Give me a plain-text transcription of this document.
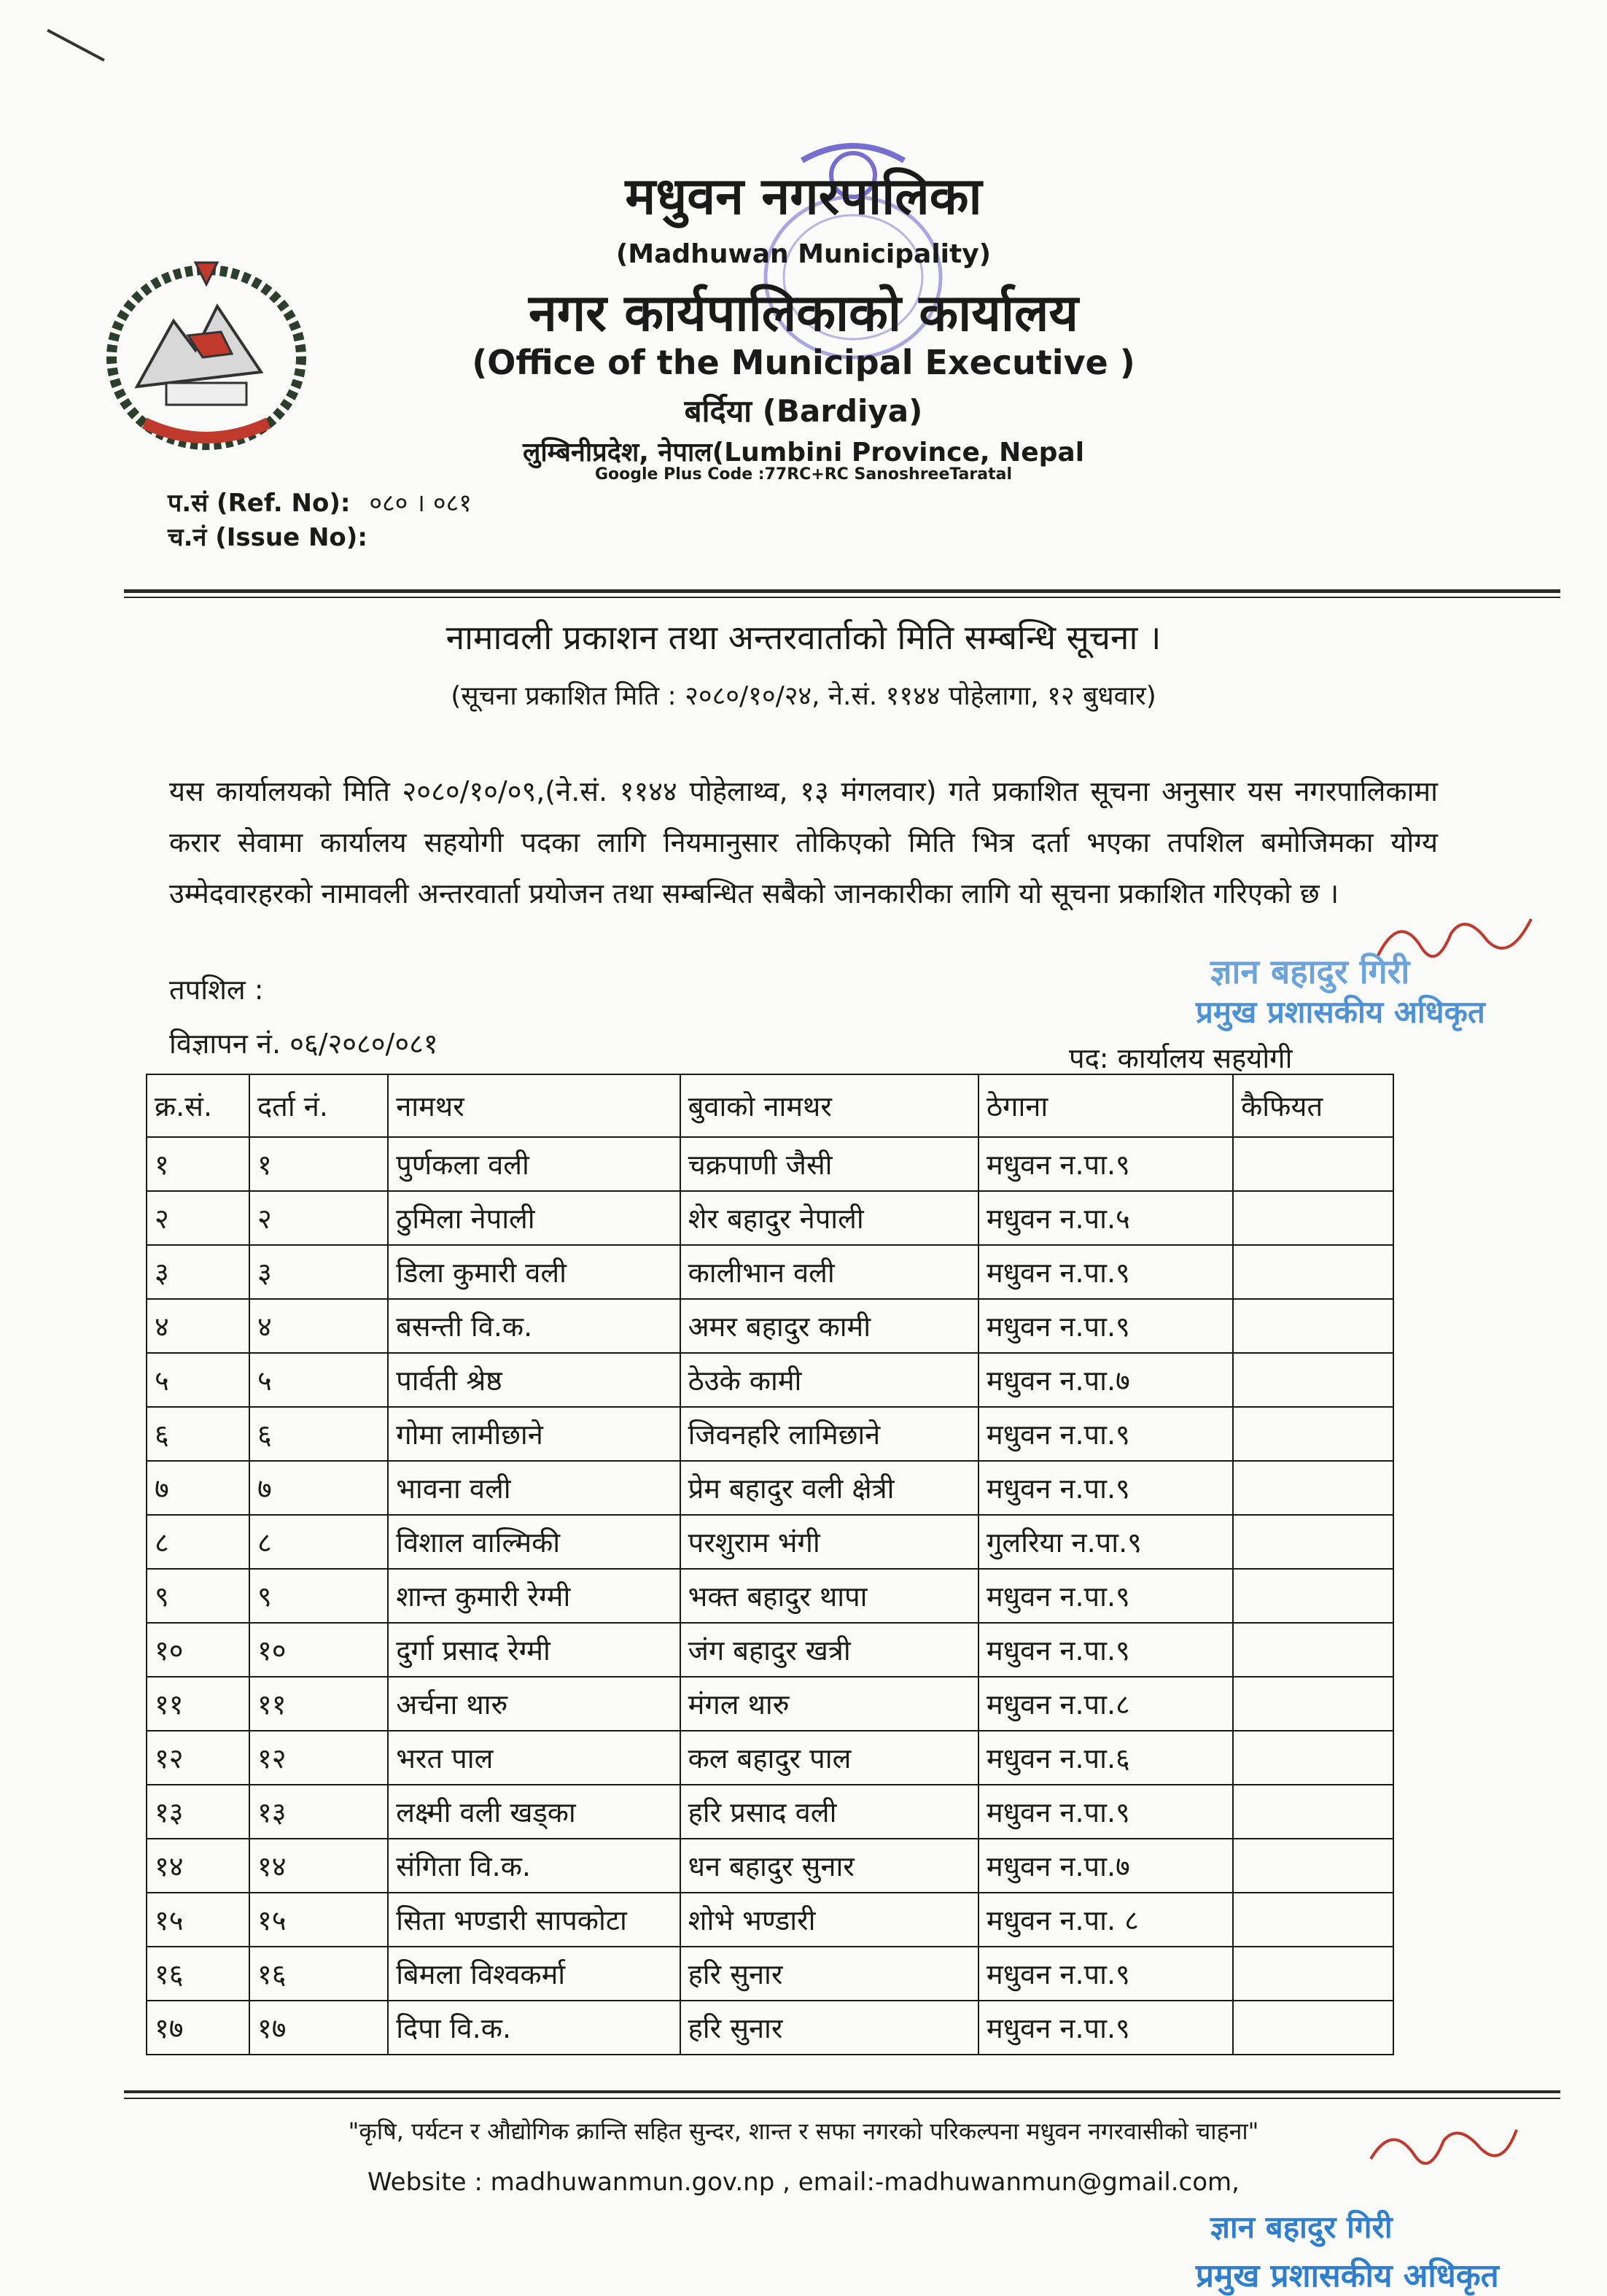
मधुवन नगरपालिका
(Madhuwan Municipality)
नगर कार्यपालिकाको कार्यालय
(Office of the Municipal Executive )
बर्दिया (Bardiya)
लुम्बिनीप्रदेश, नेपाल(Lumbini Province, Nepal
Google Plus Code :77RC+RC SanoshreeTaratal
प.सं (Ref. No): ०८० । ०८१
च.नं (Issue No):
नामावली प्रकाशन तथा अन्तरवार्ताको मिति सम्बन्धि सूचना ।
(सूचना प्रकाशित मिति : २०८०/१०/२४, ने.सं. ११४४ पोहेलागा, १२ बुधवार)
यस कार्यालयको मिति २०८०/१०/०९,(ने.सं. ११४४ पोहेलाथ्व, १३ मंगलवार) गते प्रकाशित सूचना अनुसार यस नगरपालिकामा करार सेवामा कार्यालय सहयोगी पदका लागि नियमानुसार तोकिएको मिति भित्र दर्ता भएका तपशिल बमोजिमका योग्य उम्मेदवारहरको नामावली अन्तरवार्ता प्रयोजन तथा सम्बन्धित सबैको जानकारीका लागि यो सूचना प्रकाशित गरिएको छ ।
तपशिल :
विज्ञापन नं. ०६/२०८०/०८१	पद: कार्यालय सहयोगी
ज्ञान बहादुर गिरी
प्रमुख प्रशासकीय अधिकृत
क्र.सं.	दर्ता नं.	नामथर	बुवाको नामथर	ठेगाना	कैफियत
१	१	पुर्णकला वली	चक्रपाणी जैसी	मधुवन न.पा.९	
२	२	ठुमिला नेपाली	शेर बहादुर नेपाली	मधुवन न.पा.५	
३	३	डिला कुमारी वली	कालीभान वली	मधुवन न.पा.९	
४	४	बसन्ती वि.क.	अमर बहादुर कामी	मधुवन न.पा.९	
५	५	पार्वती श्रेष्ठ	ठेउके कामी	मधुवन न.पा.७	
६	६	गोमा लामीछाने	जिवनहरि लामिछाने	मधुवन न.पा.९	
७	७	भावना वली	प्रेम बहादुर वली क्षेत्री	मधुवन न.पा.९	
८	८	विशाल वाल्मिकी	परशुराम भंगी	गुलरिया न.पा.९	
९	९	शान्त कुमारी रेग्मी	भक्त बहादुर थापा	मधुवन न.पा.९	
१०	१०	दुर्गा प्रसाद रेग्मी	जंग बहादुर खत्री	मधुवन न.पा.९	
११	११	अर्चना थारु	मंगल थारु	मधुवन न.पा.८	
१२	१२	भरत पाल	कल बहादुर पाल	मधुवन न.पा.६	
१३	१३	लक्ष्मी वली खड्का	हरि प्रसाद वली	मधुवन न.पा.९	
१४	१४	संगिता वि.क.	धन बहादुर सुनार	मधुवन न.पा.७	
१५	१५	सिता भण्डारी सापकोटा	शोभे भण्डारी	मधुवन न.पा. ८	
१६	१६	बिमला विश्वकर्मा	हरि सुनार	मधुवन न.पा.९	
१७	१७	दिपा वि.क.	हरि सुनार	मधुवन न.पा.९	
"कृषि, पर्यटन र औद्योगिक क्रान्ति सहित सुन्दर, शान्त र सफा नगरको परिकल्पना मधुवन नगरवासीको चाहना"
Website : madhuwanmun.gov.np , email:-madhuwanmun@gmail.com,
ज्ञान बहादुर गिरी
प्रमुख प्रशासकीय अधिकृत
